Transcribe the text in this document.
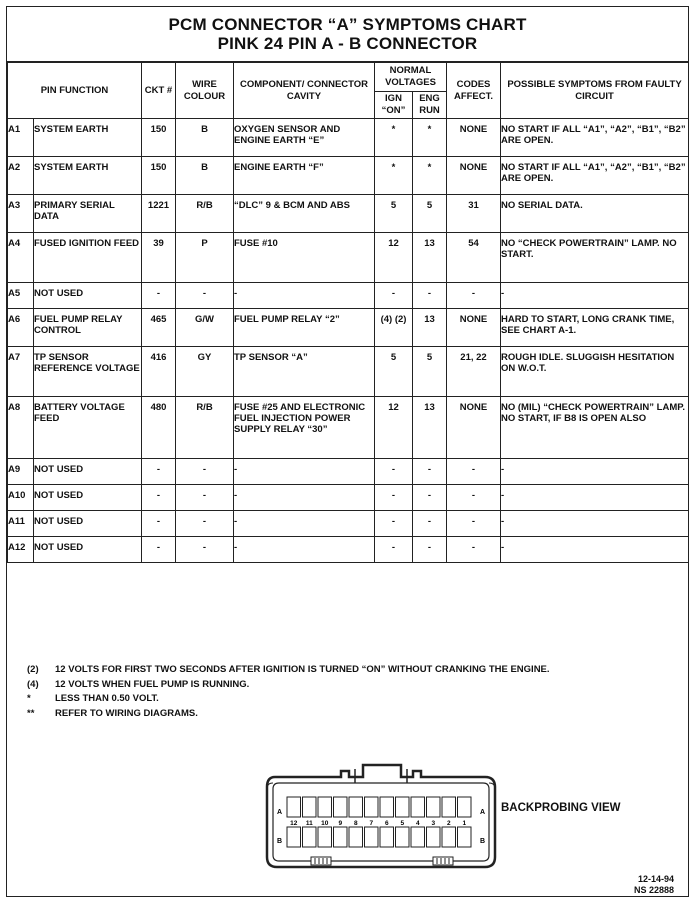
PCM CONNECTOR “A” SYMPTOMS CHART
PINK 24 PIN A - B CONNECTOR
PIN FUNCTION		CKT #	WIRE COLOUR	COMPONENT/ CONNECTOR CAVITY	NORMAL VOLTAGES		CODES AFFECT.	POSSIBLE SYMPTOMS FROM FAULTY CIRCUIT
					IGN “ON”	ENG RUN		
A1	SYSTEM EARTH	150	B	OXYGEN SENSOR AND ENGINE EARTH “E”	*	*	NONE	NO START IF ALL “A1”, “A2”, “B1”, “B2” ARE OPEN.
A2	SYSTEM EARTH	150	B	ENGINE EARTH “F”	*	*	NONE	NO START IF ALL “A1”, “A2”, “B1”, “B2” ARE OPEN.
A3	PRIMARY SERIAL DATA	1221	R/B	“DLC” 9 & BCM AND ABS	5	5	31	NO SERIAL DATA.
A4	FUSED IGNITION FEED	39	P	FUSE #10	12	13	54	NO “CHECK POWERTRAIN” LAMP. NO START.
A5	NOT USED	-	-	-	-	-	-	-
A6	FUEL PUMP RELAY CONTROL	465	G/W	FUEL PUMP RELAY “2”	(4) (2)	13	NONE	HARD TO START, LONG CRANK TIME, SEE CHART A-1.
A7	TP SENSOR REFERENCE VOLTAGE	416	GY	TP SENSOR “A”	5	5	21, 22	ROUGH IDLE. SLUGGISH HESITATION ON W.O.T.
A8	BATTERY VOLTAGE FEED	480	R/B	FUSE #25 AND ELECTRONIC FUEL INJECTION POWER SUPPLY RELAY “30”	12	13	NONE	NO (MIL) “CHECK POWERTRAIN” LAMP. NO START, IF B8 IS OPEN ALSO
A9	NOT USED	-	-	-	-	-	-	-
A10	NOT USED	-	-	-	-	-	-	-
A11	NOT USED	-	-	-	-	-	-	-
A12	NOT USED	-	-	-	-	-	-	-
(2)	12 VOLTS FOR FIRST TWO SECONDS AFTER IGNITION IS TURNED “ON” WITHOUT CRANKING THE ENGINE.
(4)	12 VOLTS WHEN FUEL PUMP IS RUNNING.
*	LESS THAN 0.50 VOLT.
**	REFER TO WIRING DIAGRAMS.
12 11 10 9 8 7 6 5 4 3 2 1
A	A
B	B
BACKPROBING VIEW
12-14-94
NS 22888
